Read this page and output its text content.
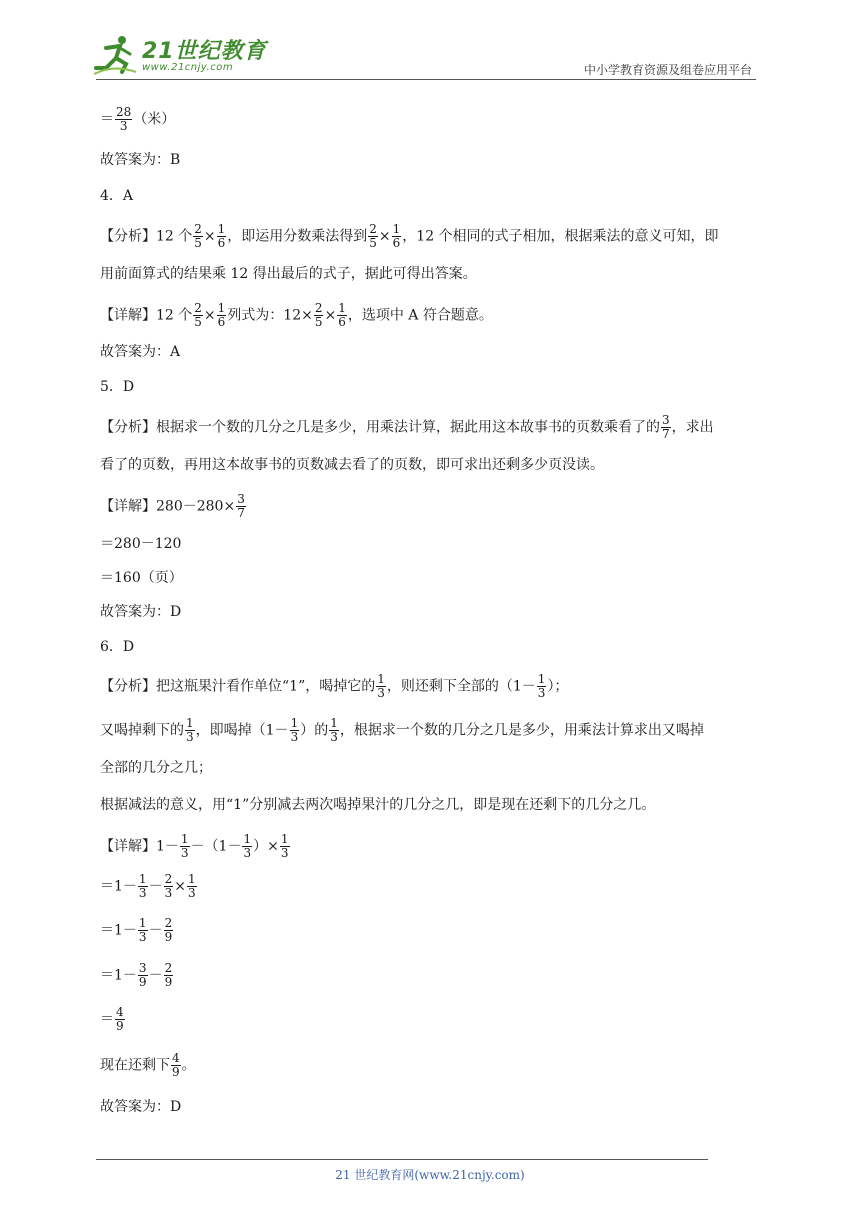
21世纪教育
www.21cnjy.com	中小学教育资源及组卷应用平台
＝ $\frac{28}{3}$ （米）
故答案为：B
4．A
【分析】12 个 $\frac{2}{5} \times \frac{1}{6}$ ，即运用分数乘法得到 $\frac{2}{5} \times \frac{1}{6}$ ，12 个相同的式子相加，根据乘法的意义可知，即
用前面算式的结果乘 12 得出最后的式子，据此可得出答案。
【详解】12 个 $\frac{2}{5} \times \frac{1}{6}$ 列式为：$12\times \frac{2}{5} \times \frac{1}{6}$ ，选项中 A 符合题意。
故答案为：A
5．D
【分析】根据求一个数的几分之几是多少，用乘法计算，据此用这本故事书的页数乘看了的 $\frac{3}{7}$ ，求出
看了的页数，再用这本故事书的页数减去看了的页数，即可求出还剩多少页没读。
【详解】$280-280\times \frac{3}{7}$
＝280－120
＝160（页）
故答案为：D
6．D
【分析】把这瓶果汁看作单位“1”，喝掉它的 $\frac{1}{3}$ ，则还剩下全部的（$1- \frac{1}{3}$ ）；
又喝掉剩下的 $\frac{1}{3}$ ，即喝掉（$1- \frac{1}{3}$ ）的 $\frac{1}{3}$ ，根据求一个数的几分之几是多少，用乘法计算求出又喝掉
全部的几分之几；
根据减法的意义，用“1”分别减去两次喝掉果汁的几分之几，即是现在还剩下的几分之几。
【详解】$1- \frac{1}{3} -(1- \frac{1}{3}$ ）× $\frac{1}{3}$
$=1- \frac{1}{3} - \frac{2}{3} \times \frac{1}{3}$
$=1- \frac{1}{3} - \frac{2}{9}$
$=1- \frac{3}{9} - \frac{2}{9}$
＝ $\frac{4}{9}$
现在还剩下 $\frac{4}{9}$ 。
故答案为：D
21 世纪教育网(www.21cnjy.com)
